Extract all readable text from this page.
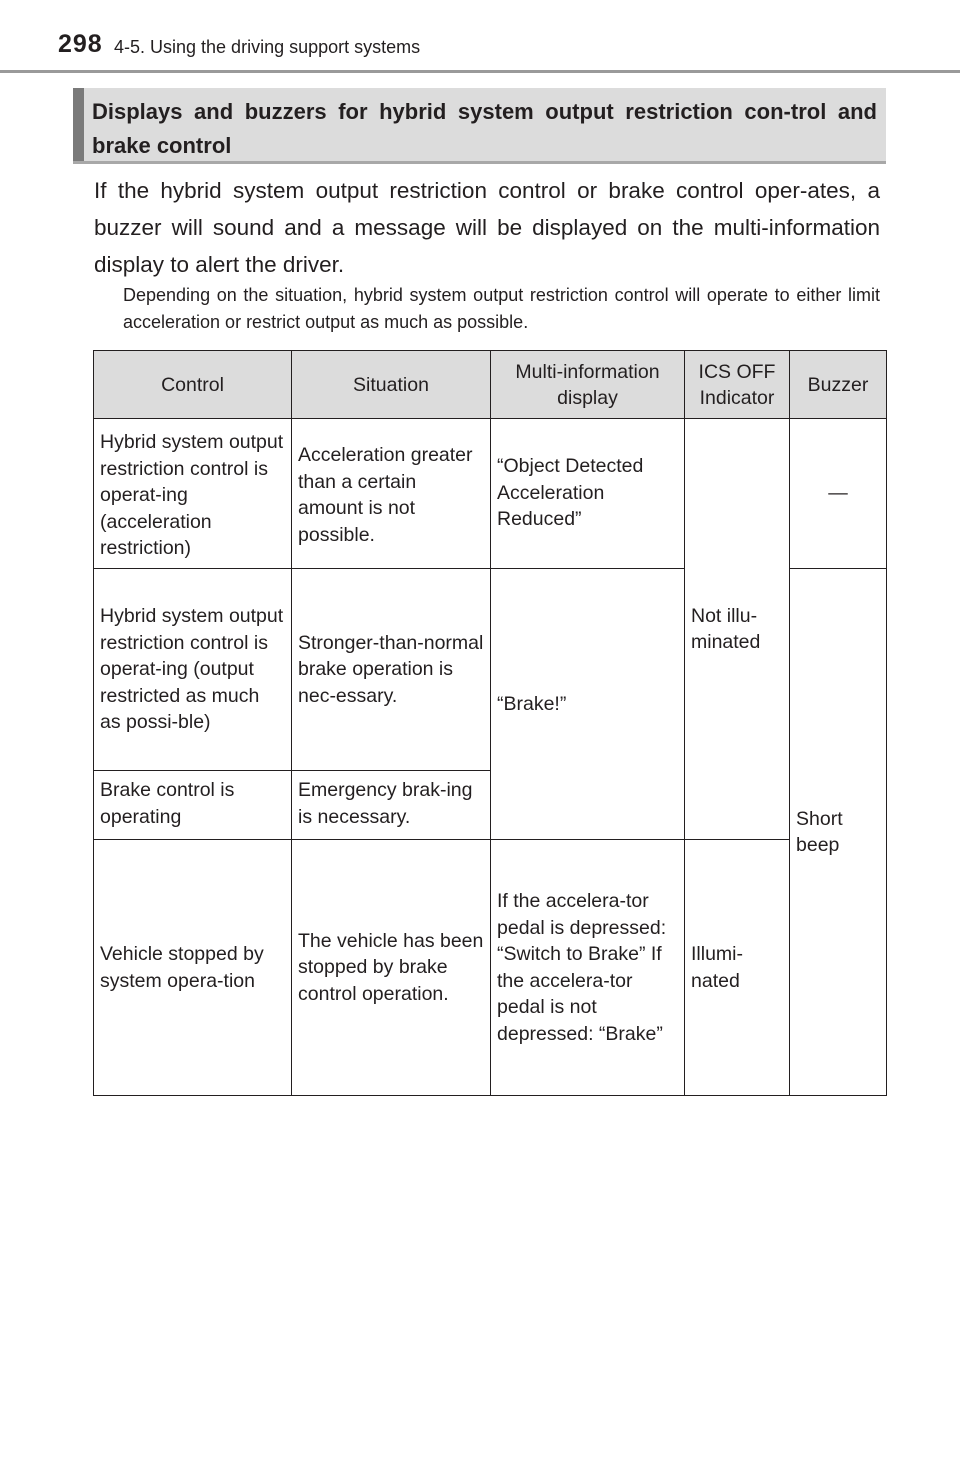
298 4-5. Using the driving support systems
Displays and buzzers for hybrid system output restriction con-trol and brake control
If the hybrid system output restriction control or brake control oper-ates, a buzzer will sound and a message will be displayed on the multi-information display to alert the driver.
Depending on the situation, hybrid system output restriction control will operate to either limit acceleration or restrict output as much as possible.
Control	Situation	Multi-information display	ICS OFF Indicator	Buzzer
Hybrid system output restriction control is operat-ing (acceleration restriction)	Acceleration greater than a certain amount is not possible.	“Object Detected Acceleration Reduced”	Not illu-minated	—
Hybrid system output restriction control is operat-ing (output restricted as much as possi-ble)	Stronger-than-normal brake operation is nec-essary.	“Brake!”		Short beep
Brake control is operating	Emergency brak-ing is necessary.			
Vehicle stopped by system opera-tion	The vehicle has been stopped by brake control operation.	If the accelera-tor pedal is depressed: “Switch to Brake” If the accelera-tor pedal is not depressed: “Brake”	Illumi-nated	
